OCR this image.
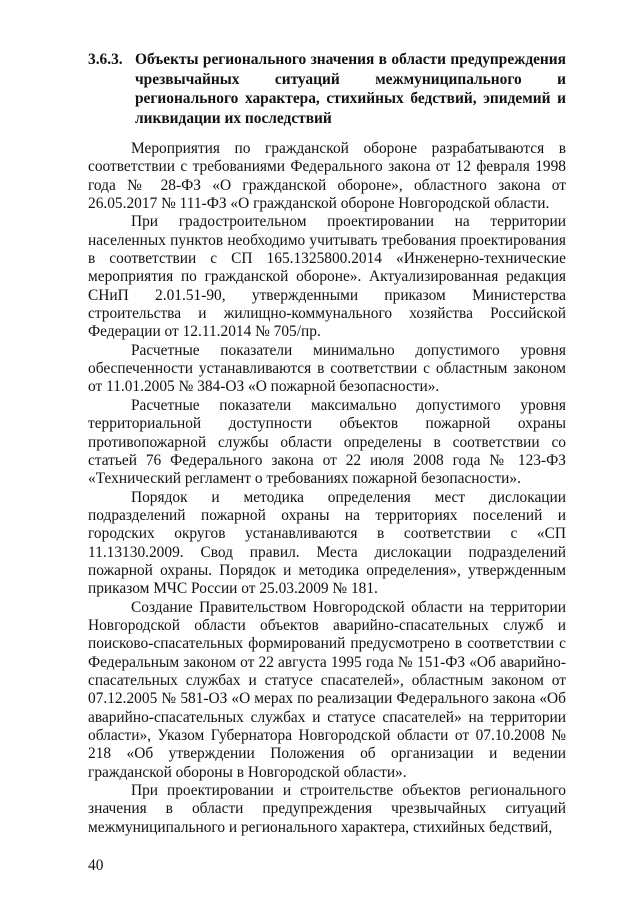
3.6.3. Объекты регионального значения в области предупреждения чрезвычайных ситуаций межмуниципального и регионального характера, стихийных бедствий, эпидемий и ликвидации их последствий

Мероприятия по гражданской обороне разрабатываются в соответствии с требованиями Федерального закона от 12 февраля 1998 года № 28-ФЗ «О гражданской обороне», областного закона от 26.05.2017 № 111-ФЗ «О гражданской обороне Новгородской области.

При градостроительном проектировании на территории населенных пунктов необходимо учитывать требования проектирования в соответствии с СП 165.1325800.2014 «Инженерно-технические мероприятия по гражданской обороне». Актуализированная редакция СНиП 2.01.51-90, утвержденными приказом Министерства строительства и жилищно-коммунального хозяйства Российской Федерации от 12.11.2014 № 705/пр.

Расчетные показатели минимально допустимого уровня обеспеченности устанавливаются в соответствии с областным законом от 11.01.2005 № 384-ОЗ «О пожарной безопасности».

Расчетные показатели максимально допустимого уровня территориальной доступности объектов пожарной охраны противопожарной службы области определены в соответствии со статьей 76 Федерального закона от 22 июля 2008 года № 123-ФЗ «Технический регламент о требованиях пожарной безопасности».

Порядок и методика определения мест дислокации подразделений пожарной охраны на территориях поселений и городских округов устанавливаются в соответствии с «СП 11.13130.2009. Свод правил. Места дислокации подразделений пожарной охраны. Порядок и методика определения», утвержденным приказом МЧС России от 25.03.2009 № 181.

Создание Правительством Новгородской области на территории Новгородской области объектов аварийно-спасательных служб и поисково-спасательных формирований предусмотрено в соответствии с Федеральным законом от 22 августа 1995 года № 151-ФЗ «Об аварийно-спасательных службах и статусе спасателей», областным законом от 07.12.2005 № 581-ОЗ «О мерах по реализации Федерального закона «Об аварийно-спасательных службах и статусе спасателей» на территории области», Указом Губернатора Новгородской области от 07.10.2008 № 218 «Об утверждении Положения об организации и ведении гражданской обороны в Новгородской области».

При проектировании и строительстве объектов регионального значения в области предупреждения чрезвычайных ситуаций межмуниципального и регионального характера, стихийных бедствий,

40
